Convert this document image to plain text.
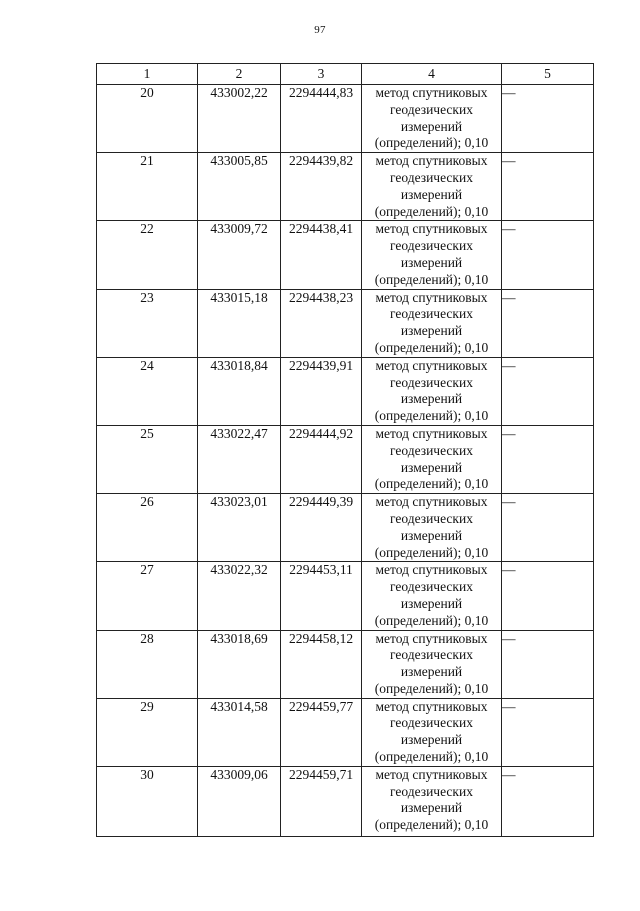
97
1	2	3	4	5
20	433002,22	2294444,83	метод спутниковых
геодезических
измерений
(определений); 0,10	—
21	433005,85	2294439,82	метод спутниковых
геодезических
измерений
(определений); 0,10	—
22	433009,72	2294438,41	метод спутниковых
геодезических
измерений
(определений); 0,10	—
23	433015,18	2294438,23	метод спутниковых
геодезических
измерений
(определений); 0,10	—
24	433018,84	2294439,91	метод спутниковых
геодезических
измерений
(определений); 0,10	—
25	433022,47	2294444,92	метод спутниковых
геодезических
измерений
(определений); 0,10	—
26	433023,01	2294449,39	метод спутниковых
геодезических
измерений
(определений); 0,10	—
27	433022,32	2294453,11	метод спутниковых
геодезических
измерений
(определений); 0,10	—
28	433018,69	2294458,12	метод спутниковых
геодезических
измерений
(определений); 0,10	—
29	433014,58	2294459,77	метод спутниковых
геодезических
измерений
(определений); 0,10	—
30	433009,06	2294459,71	метод спутниковых
геодезических
измерений
(определений); 0,10	—
